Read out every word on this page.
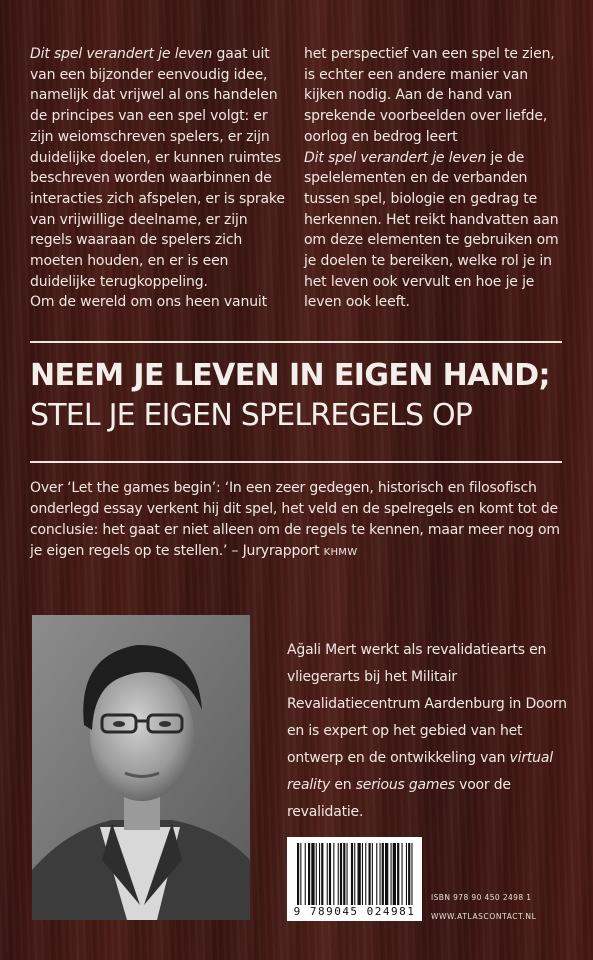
Dit spel verandert je leven gaat uit van een bijzonder eenvoudig idee, namelijk dat vrijwel al ons handelen de principes van een spel volgt: er zijn weiomschreven spelers, er zijn duidelijke doelen, er kunnen ruimtes beschreven worden waarbinnen de interacties zich afspelen, er is sprake van vrijwillige deelname, er zijn regels waaraan de spelers zich moeten houden, en er is een duidelijke terugkoppeling.

Om de wereld om ons heen vanuit

het perspectief van een spel te zien, is echter een andere manier van kijken nodig. Aan de hand van sprekende voorbeelden over liefde, oorlog en bedrog leert
Dit spel verandert je leven je de spelelementen en de verbanden tussen spel, biologie en gedrag te herkennen. Het reikt handvatten aan om deze elementen te gebruiken om je doelen te bereiken, welke rol je in het leven ook vervult en hoe je je leven ook leeft.

NEEM JE LEVEN IN EIGEN HAND;
STEL JE EIGEN SPELREGELS OP
Over ‘Let the games begin’: ‘In een zeer gedegen, historisch en filosofisch onderlegd essay verkent hij dit spel, het veld en de spelregels en komt tot de conclusie: het gaat er niet alleen om de regels te kennen, maar meer nog om je eigen regels op te stellen.’ – Juryrapport KHMW

Ağali Mert werkt als revalidatiearts en vliegerarts bij het Militair Revalidatiecentrum Aardenburg in Doorn en is expert op het gebied van het ontwerp en de ontwikkeling van virtual reality en serious games voor de revalidatie.

9 789045 024981
ISBN 978 90 450 2498 1
WWW.ATLASCONTACT.NL
